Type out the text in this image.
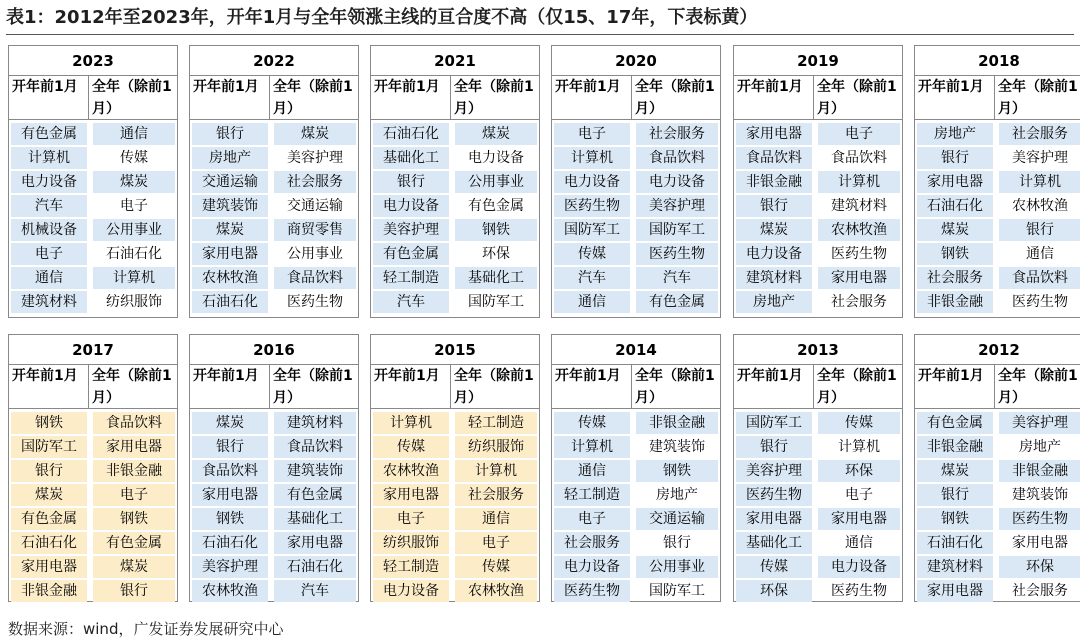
表1：2012年至2023年，开年1月与全年领涨主线的亘合度不高（仅15、17年，下表标黄）
2023
开年前1月	全年（除前1月）
有色金属	通信
计算机	传媒
电力设备	煤炭
汽车	电子
机械设备	公用事业
电子	石油石化
通信	计算机
建筑材料	纺织服饰
2022
开年前1月	全年（除前1月）
银行	煤炭
房地产	美容护理
交通运输	社会服务
建筑装饰	交通运输
煤炭	商贸零售
家用电器	公用事业
农林牧渔	食品饮料
石油石化	医药生物
2021
开年前1月	全年（除前1月）
石油石化	煤炭
基础化工	电力设备
银行	公用事业
电力设备	有色金属
美容护理	钢铁
有色金属	环保
轻工制造	基础化工
汽车	国防军工
2020
开年前1月	全年（除前1月）
电子	社会服务
计算机	食品饮料
电力设备	电力设备
医药生物	美容护理
国防军工	国防军工
传媒	医药生物
汽车	汽车
通信	有色金属
2019
开年前1月	全年（除前1月）
家用电器	电子
食品饮料	食品饮料
非银金融	计算机
银行	建筑材料
煤炭	农林牧渔
电力设备	医药生物
建筑材料	家用电器
房地产	社会服务
2018
开年前1月	全年（除前1月）
房地产	社会服务
银行	美容护理
家用电器	计算机
石油石化	农林牧渔
煤炭	银行
钢铁	通信
社会服务	食品饮料
非银金融	医药生物
2017
开年前1月	全年（除前1月）
钢铁	食品饮料
国防军工	家用电器
银行	非银金融
煤炭	电子
有色金属	钢铁
石油石化	有色金属
家用电器	煤炭
非银金融	银行
2016
开年前1月	全年（除前1月）
煤炭	建筑材料
银行	食品饮料
食品饮料	建筑装饰
家用电器	有色金属
钢铁	基础化工
石油石化	家用电器
美容护理	石油石化
农林牧渔	汽车
2015
开年前1月	全年（除前1月）
计算机	轻工制造
传媒	纺织服饰
农林牧渔	计算机
家用电器	社会服务
电子	通信
纺织服饰	电子
轻工制造	传媒
电力设备	农林牧渔
2014
开年前1月	全年（除前1月）
传媒	非银金融
计算机	建筑装饰
通信	钢铁
轻工制造	房地产
电子	交通运输
社会服务	银行
电力设备	公用事业
医药生物	国防军工
2013
开年前1月	全年（除前1月）
国防军工	传媒
银行	计算机
美容护理	环保
医药生物	电子
家用电器	家用电器
基础化工	通信
传媒	电力设备
环保	医药生物
2012
开年前1月	全年（除前1月）
有色金属	美容护理
非银金融	房地产
煤炭	非银金融
银行	建筑装饰
钢铁	医药生物
石油石化	家用电器
建筑材料	环保
家用电器	社会服务
数据来源：wind，广发证券发展研究中心
